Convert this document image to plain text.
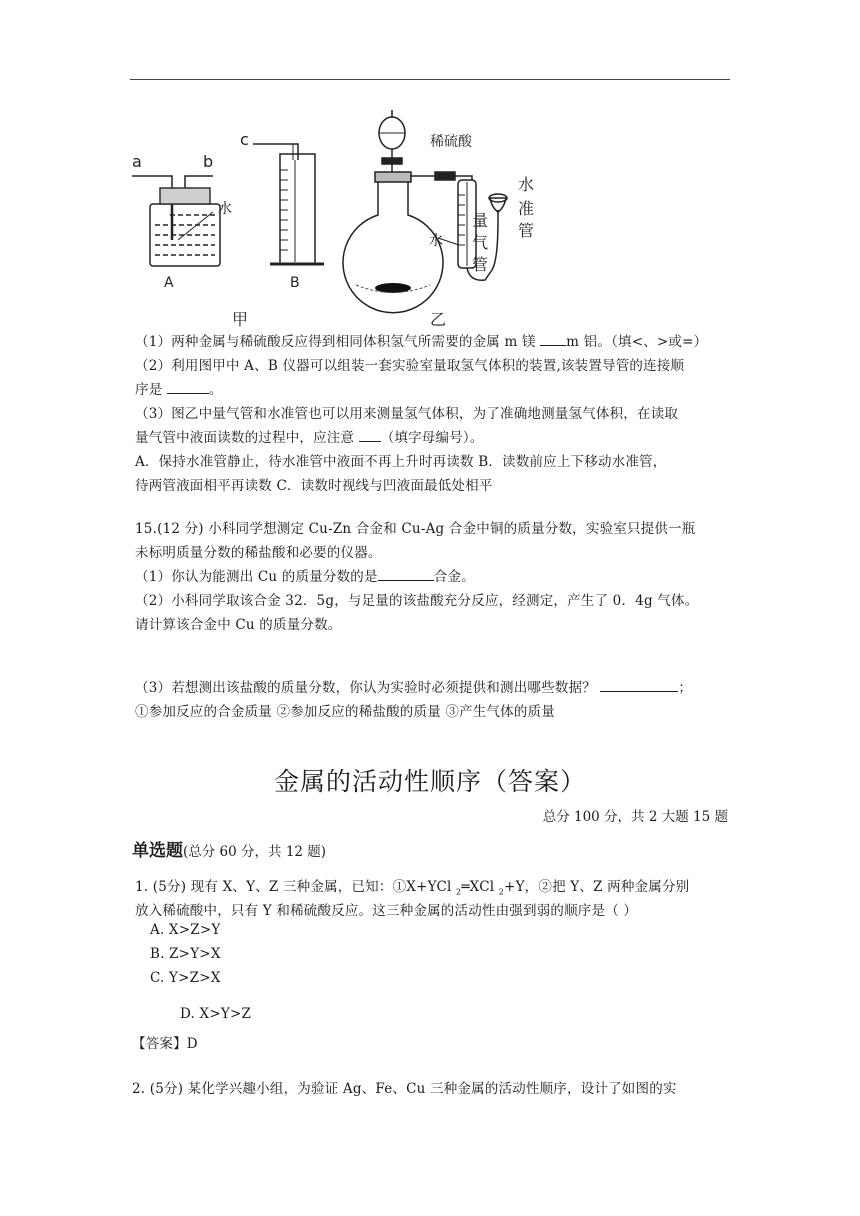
a	b
c
水
A	B
甲	乙
稀硫酸
水
水
准
管
量
气
管
（1）两种金属与稀硫酸反应得到相同体积氢气所需要的金属 m 镁 m 铝。（填<、>或=）
（2）利用图甲中 A、B 仪器可以组装一套实验室量取氢气体积的装置,该装置导管的连接顺
序是	。
（3）图乙中量气管和水准管也可以用来测量氢气体积，为了准确地测量氢气体积，在读取
量气管中液面读数的过程中，应注意 （填字母编号）。
A．保持水准管静止，待水准管中液面不再上升时再读数 B．读数前应上下移动水准管，
待两管液面相平再读数 C．读数时视线与凹液面最低处相平
15.(12 分) 小科同学想测定 Cu-Zn 合金和 Cu-Ag 合金中铜的质量分数，实验室只提供一瓶
未标明质量分数的稀盐酸和必要的仪器。
（1）你认为能测出 Cu 的质量分数的是	合金。
（2）小科同学取该合金 32．5g，与足量的该盐酸充分反应，经测定，产生了 0．4g 气体。
请计算该合金中 Cu 的质量分数。
（3）若想测出该盐酸的质量分数，你认为实验时必须提供和测出哪些数据？	；
①参加反应的合金质量 ②参加反应的稀盐酸的质量 ③产生气体的质量
金属的活动性顺序（答案）
总分 100 分，共 2 大题 15 题
单选题(总分 60 分，共 12 题)
1. (5分) 现有 X、Y、Z 三种金属，已知：①X+YCl $_2$═XCl $_2$+Y，②把 Y、Z 两种金属分别
放入稀硫酸中，只有 Y 和稀硫酸反应。这三种金属的活动性由强到弱的顺序是（ ）
A. X>Z>Y
B. Z>Y>X
C. Y>Z>X
D. X>Y>Z
【答案】D
2. (5分) 某化学兴趣小组，为验证 Ag、Fe、Cu 三种金属的活动性顺序，设计了如图的实
